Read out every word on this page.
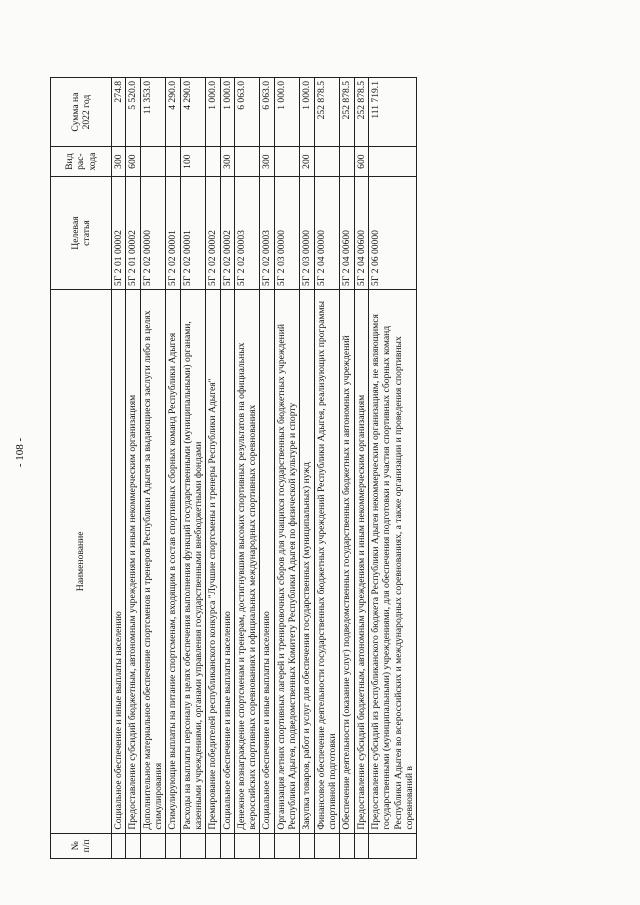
- 108 -
№ п/п	Наименование	Целевая статья	Вид рас- хода	Сумма на 2022 год

	Социальное обеспечение и иные выплаты населению	5Г 2 01 00002	300	274.8
	Предоставление субсидий бюджетным, автономным учреждениям и иным некоммерческим организациям	5Г 2 01 00002	600	5 520.0
	Дополнительное материальное обеспечение спортсменов и тренеров Республики Адыгея за выдающиеся заслуги либо в целях стимулирования	5Г 2 02 00000		11 353.0
	Стимулирующие выплаты на питание спортсменам, входящим в состав спортивных сборных команд Республики Адыгея	5Г 2 02 00001		4 290.0
	Расходы на выплаты персоналу в целях обеспечения выполнения функций государственными (муниципальными) органами, казенными учреждениями, органами управления государственными внебюджетными фондами	5Г 2 02 00001	100	4 290.0
	Премирование победителей республиканского конкурса "Лучшие спортсмены и тренеры Республики Адыгея"	5Г 2 02 00002		1 000.0
	Социальное обеспечение и иные выплаты населению	5Г 2 02 00002	300	1 000.0
	Денежное вознаграждение спортсменам и тренерам, достигнувшим высоких спортивных результатов на официальных всероссийских спортивных соревнованиях и официальных международных спортивных соревнованиях	5Г 2 02 00003		6 063.0
	Социальное обеспечение и иные выплаты населению	5Г 2 02 00003	300	6 063.0
	Организация летних спортивных лагерей и тренировочных сборов для учащихся государственных бюджетных учреждений Республики Адыгея, подведомственных Комитету Республики Адыгея по физической культуре и спорту	5Г 2 03 00000		1 000.0
	Закупка товаров, работ и услуг для обеспечения государственных (муниципальных) нужд	5Г 2 03 00000	200	1 000.0
	Финансовое обеспечение деятельности государственных бюджетных учреждений Республики Адыгея, реализующих программы спортивной подготовки	5Г 2 04 00000		252 878.5
	Обеспечение деятельности (оказание услуг) подведомственных государственных бюджетных и автономных учреждений	5Г 2 04 00600		252 878.5
	Предоставление субсидий бюджетным, автономным учреждениям и иным некоммерческим организациям	5Г 2 04 00600	600	252 878.5
	Предоставление субсидий из республиканского бюджета Республики Адыгея некоммерческим организациям, не являющимся государственными (муниципальными) учреждениями, для обеспечения подготовки и участия спортивных сборных команд Республики Адыгея во всероссийских и международных соревнованиях, а также организации и проведения спортивных соревнований в	5Г 2 06 00000		111 719.1
